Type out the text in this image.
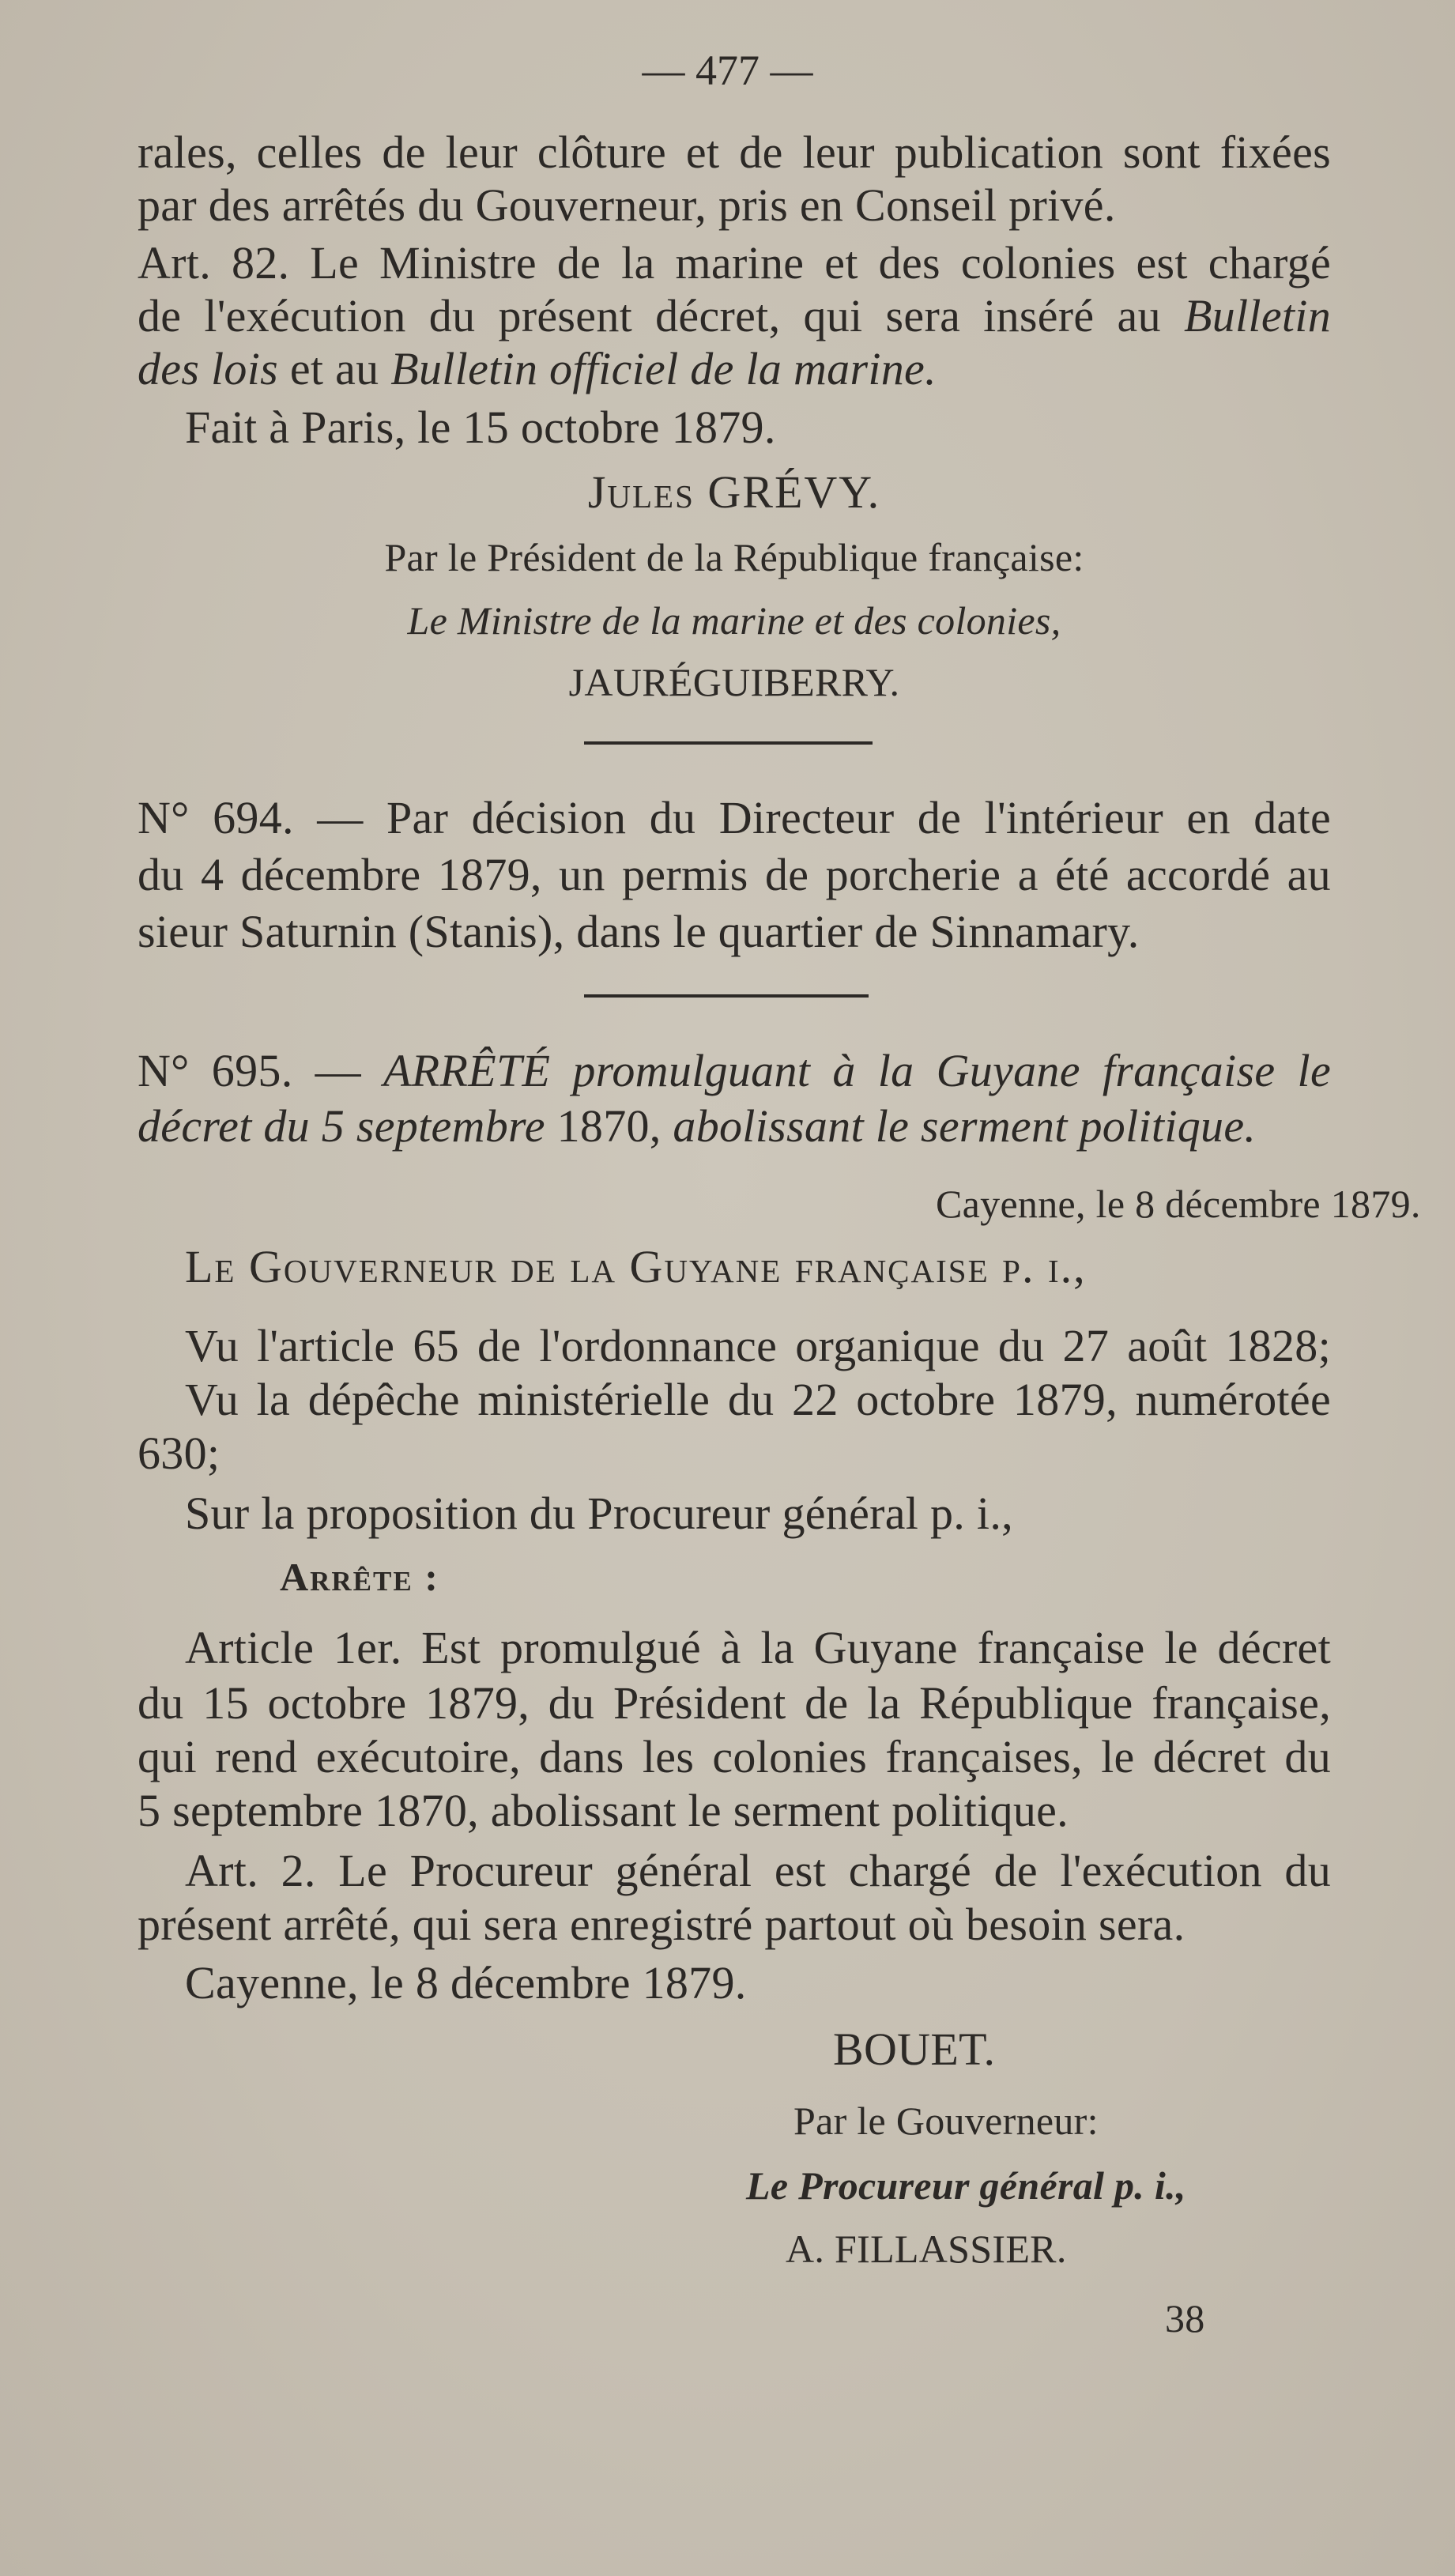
— 477 —

rales, celles de leur clôture et de leur publication sont fixées

par des arrêtés du Gouverneur, pris en Conseil privé.

Art. 82. Le Ministre de la marine et des colonies est chargé

de l'exécution du présent décret, qui sera inséré au Bulletin

des lois et au Bulletin officiel de la marine.

Fait à Paris, le 15 octobre 1879.

Jules GRÉVY.

Par le Président de la République française:

Le Ministre de la marine et des colonies,

JAURÉGUIBERRY.

N° 694. — Par décision du Directeur de l'intérieur en date

du 4 décembre 1879, un permis de porcherie a été accordé au

sieur Saturnin (Stanis), dans le quartier de Sinnamary.

N° 695. — ARRÊTÉ promulguant à la Guyane française le

décret du 5 septembre 1870, abolissant le serment politique.

Cayenne, le 8 décembre 1879.

Le Gouverneur de la Guyane française p. i.,

Vu l'article 65 de l'ordonnance organique du 27 août 1828;

Vu la dépêche ministérielle du 22 octobre 1879, numérotée

630;

Sur la proposition du Procureur général p. i.,

Arrête :

Article 1er. Est promulgué à la Guyane française le décret

du 15 octobre 1879, du Président de la République française,

qui rend exécutoire, dans les colonies françaises, le décret du

5 septembre 1870, abolissant le serment politique.

Art. 2. Le Procureur général est chargé de l'exécution du

présent arrêté, qui sera enregistré partout où besoin sera.

Cayenne, le 8 décembre 1879.

BOUET.

Par le Gouverneur:

Le Procureur général p. i.,

A. FILLASSIER.

38
